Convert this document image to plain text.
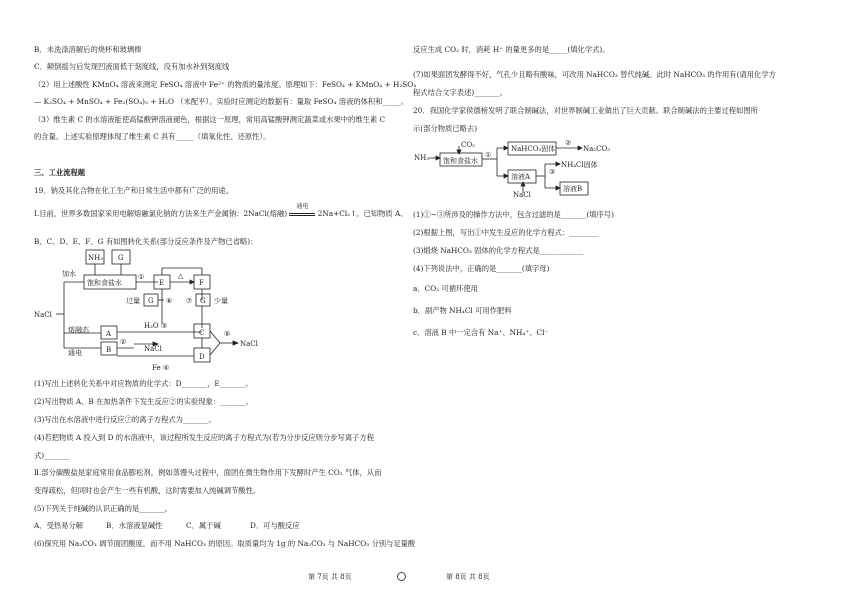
B．未洗涤溶解后的烧杯和玻璃棒
C．颠倒摇匀后发现凹液面低于刻度线，没有加水补到刻度线
（2）用上述酸性 KMnO₄ 溶液来测定 FeSO₄ 溶液中 Fe²⁺ 的物质的量浓度。原理如下：FeSO₄ + KMnO₄ + H₂SO₄
— K₂SO₄ + MnSO₄ + Fe₂(SO₄)₃ + H₂O （未配平）。实验时应测定的数据有：量取 FeSO₄ 溶液的体积和_____。
（3）维生素 C 的水溶液能使高锰酸钾溶液褪色，根据这一原理，常用高锰酸钾测定蔬菜或水果中的维生素 C
的含量。上述实验原理体现了维生素 C 具有_____（填氧化性、还原性）。
三、工业流程题
19．钠及其化合物在化工生产和日常生活中都有广泛的用途。
Ⅰ.目前，世界多数国家采用电解熔融氯化钠的方法来生产金属钠：2NaCl(熔融)
通电
2Na+Cl₂↑。已知物质 A、
B、C、D、E、F、G 有如图转化关系(部分反应条件及产物已省略)：
NH₃ G
加水
饱和食盐水
①	△
E	F
过量 G ⑥ ⑦ G 少量
NaCl
熔融态
通电
A
B
②
H₂O ③
C	⑤
NaCl
NaCl
D
Fe ④
(1)写出上述转化关系中对应物质的化学式：D_______，E_______。
(2)写出物质 A、B 在加热条件下发生反应②的实验现象：_______。
(3)写出在水溶液中进行反应⑦的离子方程式为_______。
(4)若把物质 A 投入到 D 的水溶液中，该过程所发生反应的离子方程式为(若为分步反应则分步写离子方程
式)_______
Ⅱ.部分碳酸盐是家庭常用食品膨松剂，例如蒸馒头过程中，面团在微生物作用下发酵时产生 CO₂ 气体，从而
变得疏松，但同时也会产生一些有机酸，这时需要加入纯碱调节酸性。
(5)下列关于纯碱的认识正确的是_______。
A．受热易分解	B．水溶液显碱性	C．属于碱	D．可与酸反应
(6)探究用 Na₂CO₃ 调节面团酸度，而不用 NaHCO₃ 的原因。取质量均为 1g 的 Na₂CO₃ 与 NaHCO₃ 分别与足量酸
反应生成 CO₂ 时，消耗 H⁺ 的量更多的是_____(填化学式)。
(7)如果面团发酵得不好，气孔少且略有酸味，可改用 NaHCO₃ 替代纯碱。此时 NaHCO₃ 的作用有(请用化学方
程式结合文字表述)_______。
20．我国化学家侯德榜发明了联合制碱法，对世界制碱工业做出了巨大贡献。联合制碱法的主要过程如图所
示(部分物质已略去)
CO₂
NH₃ 饱和食盐水
①
NaHCO₃固体
②
Na₂CO₃
溶液A
③
NH₄Cl固体
NaCl
溶液B
(1)①~③所涉及的操作方法中，包含过滤的是_______(填序号)
(2)根据上图，写出①中发生反应的化学方程式：________
(3)煅烧 NaHCO₃ 固体的化学方程式是____________
(4)下列说法中，正确的是_______(填字母)
a．CO₂ 可循环使用
b．副产物 NH₄Cl 可用作肥料
c．溶液 B 中一定含有 Na⁺、NH₄⁺、Cl⁻
第 7页 共 8页	第 8页 共 8页
